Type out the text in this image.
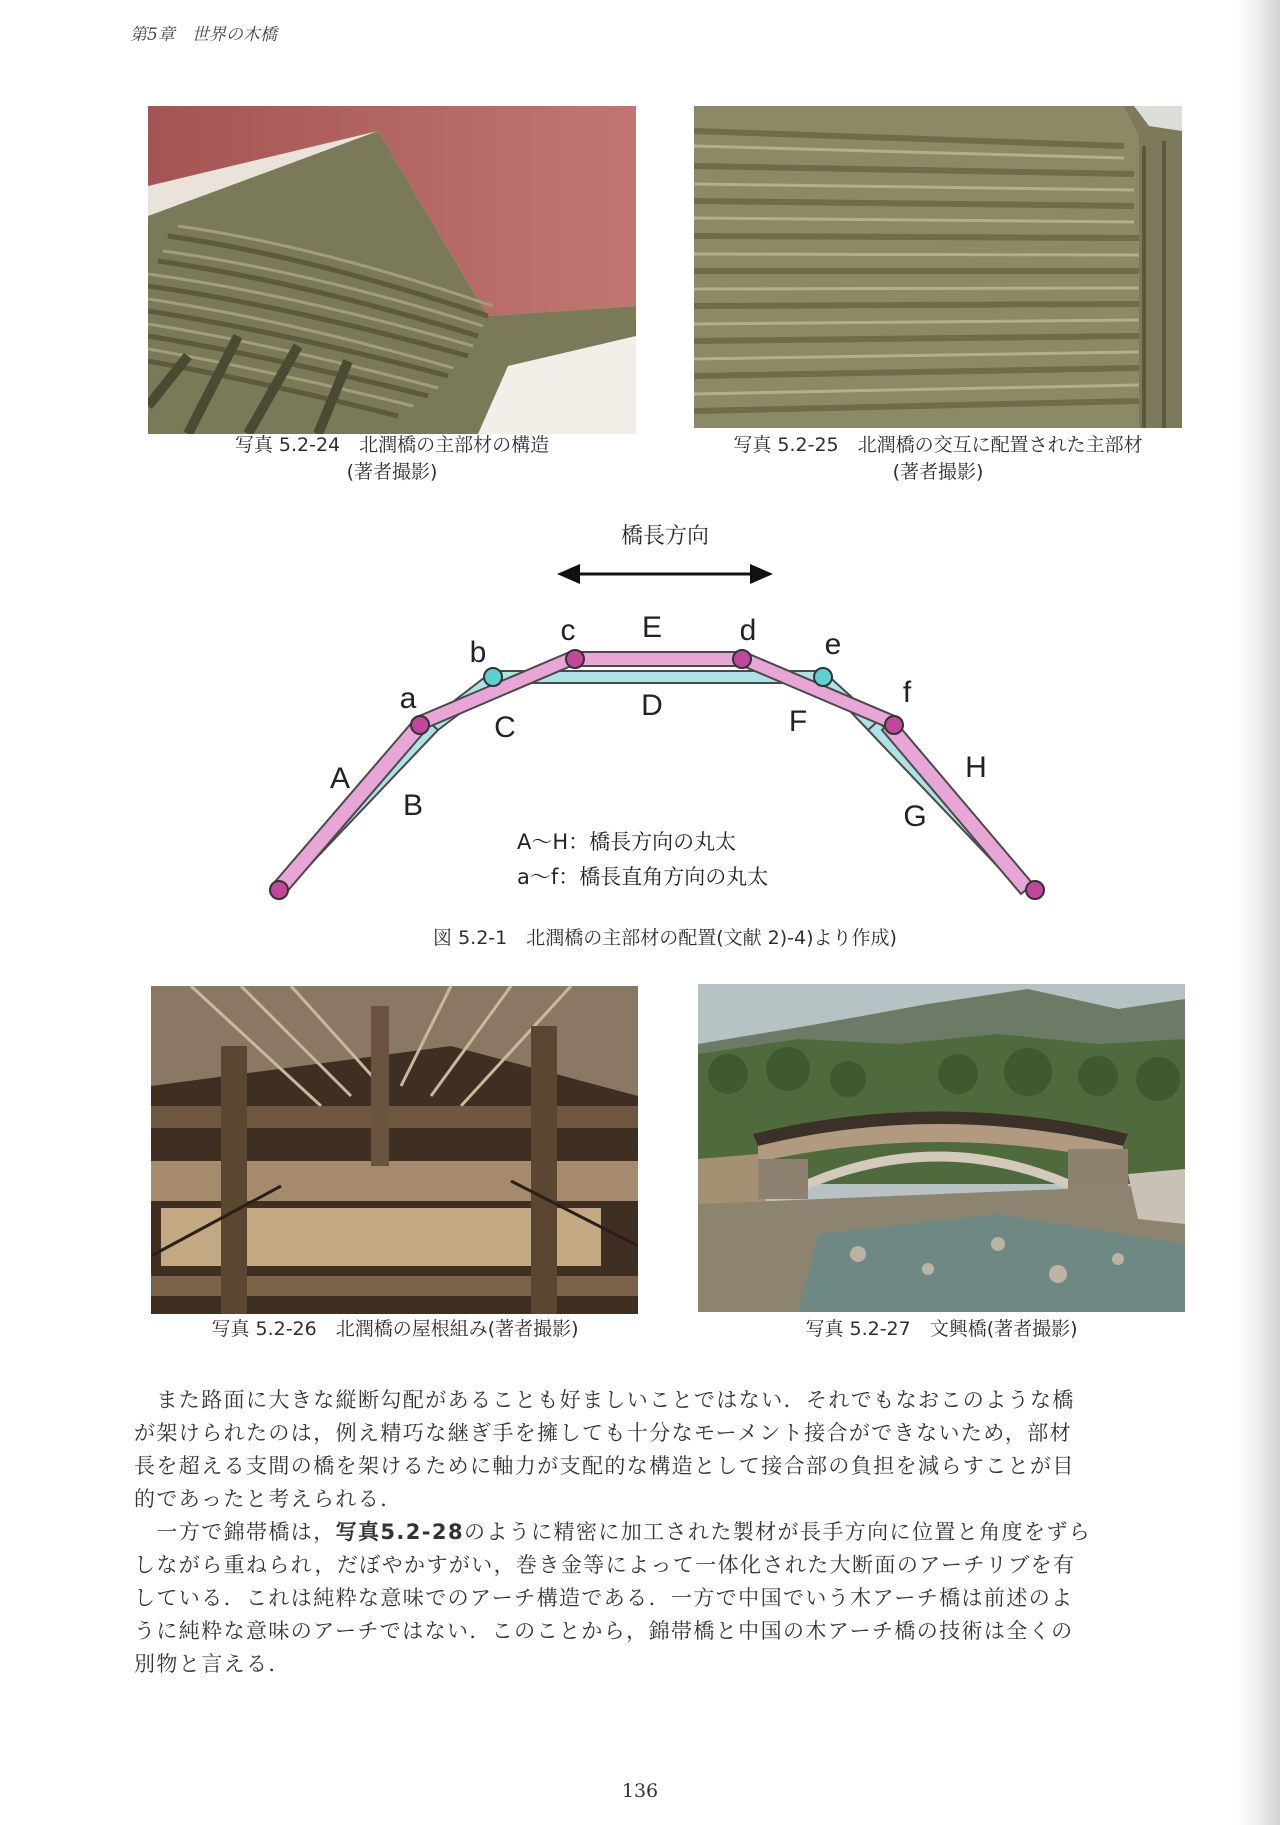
第5章　世界の木橋
写真 5.2-24　北潤橋の主部材の構造
(著者撮影)
写真 5.2-25　北潤橋の交互に配置された主部材
(著者撮影)
橋長方向
a
b
c	d e
f
A
B
C
D
E
F
G
H
A～H：橋長方向の丸太
a～f：橋長直角方向の丸太
図 5.2-1　北潤橋の主部材の配置(文献 2)-4)より作成)
写真 5.2-26　北潤橋の屋根組み(著者撮影)	写真 5.2-27　文興橋(著者撮影)
　また路面に大きな縦断勾配があることも好ましいことではない．それでもなおこのような橋
が架けられたのは，例え精巧な継ぎ手を擁しても十分なモーメント接合ができないため，部材
長を超える支間の橋を架けるために軸力が支配的な構造として接合部の負担を減らすことが目
的であったと考えられる．
　一方で錦帯橋は，写真5.2-28のように精密に加工された製材が長手方向に位置と角度をずら
しながら重ねられ，だぼやかすがい，巻き金等によって一体化された大断面のアーチリブを有
している．これは純粋な意味でのアーチ構造である．一方で中国でいう木アーチ橋は前述のよ
うに純粋な意味のアーチではない．このことから，錦帯橋と中国の木アーチ橋の技術は全くの
別物と言える．
136
